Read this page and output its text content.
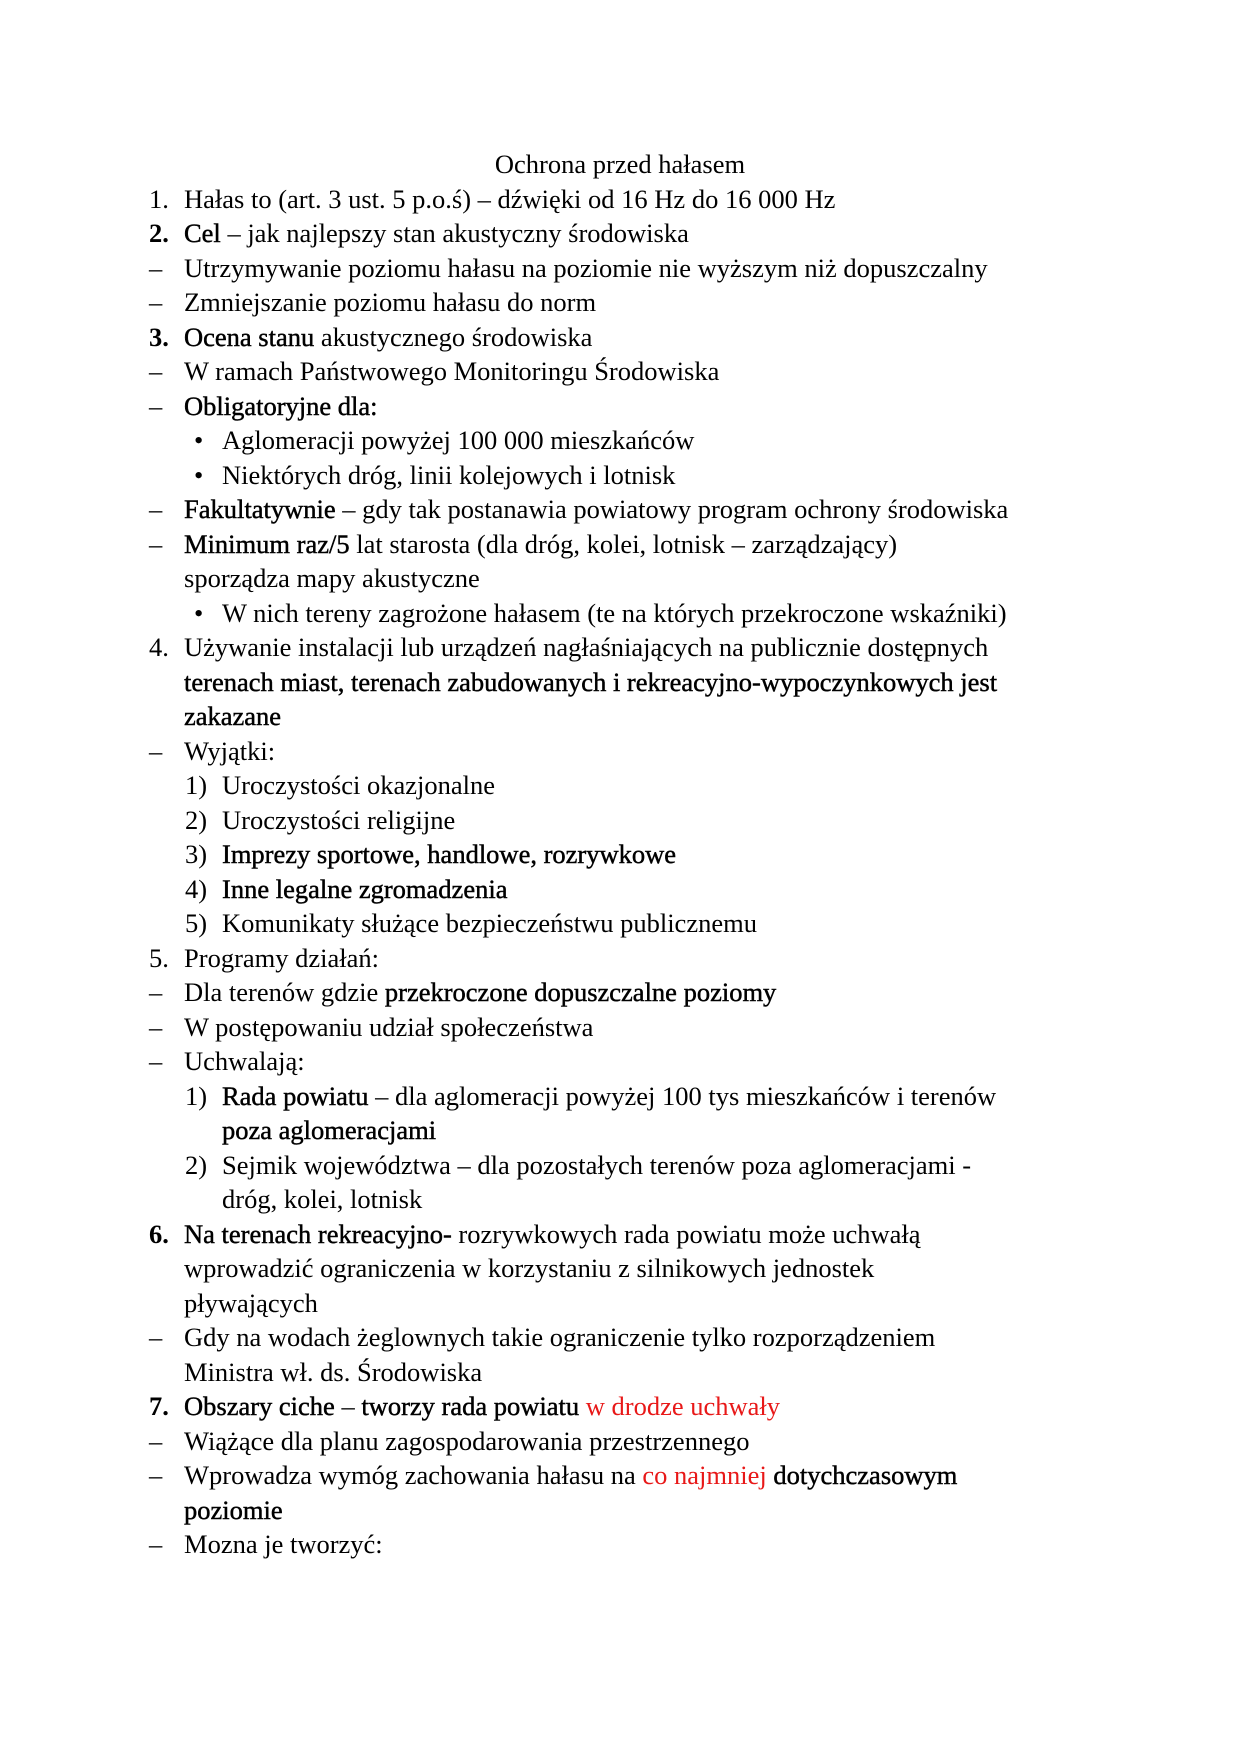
Ochrona przed hałasem
1. Hałas to (art. 3 ust. 5 p.o.ś) – dźwięki od 16 Hz do 16 000 Hz
2. Cel – jak najlepszy stan akustyczny środowiska
– Utrzymywanie poziomu hałasu na poziomie nie wyższym niż dopuszczalny
– Zmniejszanie poziomu hałasu do norm
3. Ocena stanu akustycznego środowiska
– W ramach Państwowego Monitoringu Środowiska
– Obligatoryjne dla:
• Aglomeracji powyżej 100 000 mieszkańców
• Niektórych dróg, linii kolejowych i lotnisk
– Fakultatywnie – gdy tak postanawia powiatowy program ochrony środowiska
– Minimum raz/5 lat starosta (dla dróg, kolei, lotnisk – zarządzający)
sporządza mapy akustyczne
• W nich tereny zagrożone hałasem (te na których przekroczone wskaźniki)
4. Używanie instalacji lub urządzeń nagłaśniających na publicznie dostępnych
terenach miast, terenach zabudowanych i rekreacyjno-wypoczynkowych jest
zakazane
– Wyjątki:
1) Uroczystości okazjonalne
2) Uroczystości religijne
3) Imprezy sportowe, handlowe, rozrywkowe
4) Inne legalne zgromadzenia
5) Komunikaty służące bezpieczeństwu publicznemu
5. Programy działań:
– Dla terenów gdzie przekroczone dopuszczalne poziomy
– W postępowaniu udział społeczeństwa
– Uchwalają:
1) Rada powiatu – dla aglomeracji powyżej 100 tys mieszkańców i terenów
poza aglomeracjami
2) Sejmik województwa – dla pozostałych terenów poza aglomeracjami -
dróg, kolei, lotnisk
6. Na terenach rekreacyjno- rozrywkowych rada powiatu może uchwałą
wprowadzić ograniczenia w korzystaniu z silnikowych jednostek
pływających
– Gdy na wodach żeglownych takie ograniczenie tylko rozporządzeniem
Ministra wł. ds. Środowiska
7. Obszary ciche – tworzy rada powiatu w drodze uchwały
– Wiążące dla planu zagospodarowania przestrzennego
– Wprowadza wymóg zachowania hałasu na co najmniej dotychczasowym
poziomie
– Mozna je tworzyć:
